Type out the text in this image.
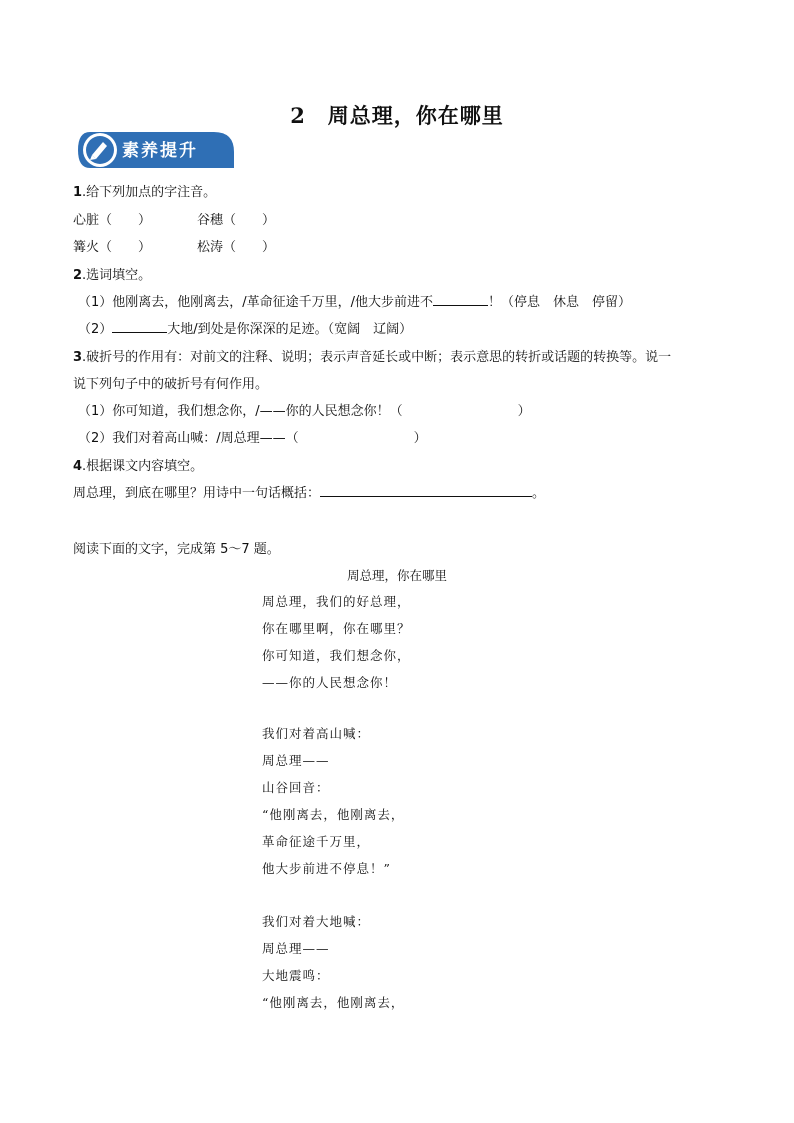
2　周总理，你在哪里
素养提升
1.给下列加点的字注音。
心脏（　　）	谷穗（　　）
篝火（　　）	松涛（　　）
2.选词填空。
（1）他刚离去，他刚离去，/革命征途千万里，/他大步前进不	！（停息　休息　停留）
（2）	大地/到处是你深深的足迹。（宽阔　辽阔）
3.破折号的作用有：对前文的注释、说明；表示声音延长或中断；表示意思的转折或话题的转换等。说一
说下列句子中的破折号有何作用。
（1）你可知道，我们想念你，/——你的人民想念你！（	）
（2）我们对着高山喊：/周总理——（	）
4.根据课文内容填空。
周总理，到底在哪里？用诗中一句话概括：	。
阅读下面的文字，完成第 5～7 题。
周总理，你在哪里
周总理，我们的好总理，
你在哪里啊，你在哪里？
你可知道，我们想念你，
——你的人民想念你！
我们对着高山喊：
周总理——
山谷回音：
“他刚离去，他刚离去，
革命征途千万里，
他大步前进不停息！”
我们对着大地喊：
周总理——
大地震鸣：
“他刚离去，他刚离去，
